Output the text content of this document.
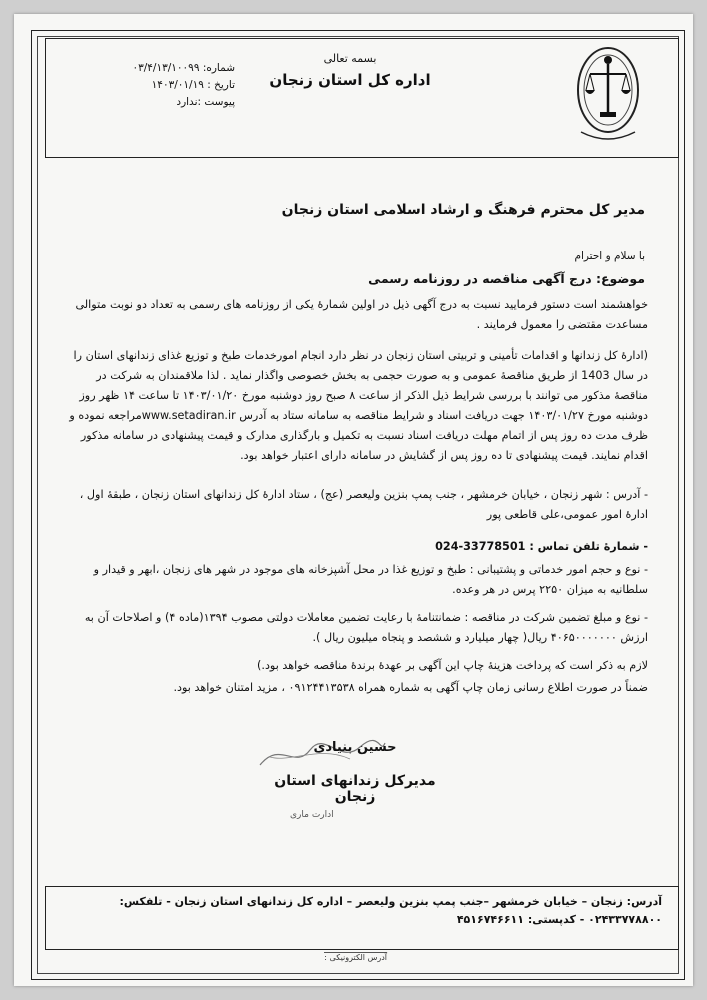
بسمه تعالی
اداره کل استان زنجان
شماره: ۰۳/۴/۱۳/۱۰۰۹۹
تاریخ : ۱۴۰۳/۰۱/۱۹
پیوست :ندارد
مدیر کل محترم فرهنگ و ارشاد اسلامی استان زنجان
با سلام و احترام
موضوع: درج آگهی مناقصه در روزنامه رسمی
خواهشمند است دستور فرمایید نسبت به درج آگهی ذیل در اولین شمارهٔ یکی از روزنامه های رسمی به تعداد دو نوبت متوالی مساعدت مقتضی را معمول فرمایند .
(ادارهٔ کل زندانها و اقدامات تأمینی و تربیتی استان زنجان در نظر دارد انجام امورخدمات طبخ و توزیع غذای زندانهای استان را در سال 1403 از طریق مناقصهٔ عمومی و به صورت حجمی به بخش خصوصی واگذار نماید . لذا ملاقمندان به شرکت در مناقصهٔ مذکور می توانند با بررسی شرایط ذیل الذکر از ساعت ۸ صبح روز دوشنبه مورخ ۱۴۰۳/۰۱/۲۰ تا ساعت ۱۴ ظهر روز دوشنبه مورخ ۱۴۰۳/۰۱/۲۷ جهت دریافت اسناد و شرایط مناقصه به سامانه ستاد به آدرس www.setadiran.irمراجعه نموده و ظرف مدت ده روز پس از اتمام مهلت دریافت اسناد نسبت به تکمیل و بارگذاری مدارک و قیمت پیشنهادی در سامانه مذکور اقدام نمایند. قیمت پیشنهادی تا ده روز پس از گشایش در سامانه دارای اعتبار خواهد بود.
- آدرس : شهر زنجان ، خیابان خرمشهر ، جنب پمپ بنزین ولیعصر (عج) ، ستاد ادارهٔ کل زندانهای استان زنجان ، طبقهٔ اول ، ادارهٔ امور عمومی،علی قاطعی پور
- شمارهٔ تلفن تماس : 33778501-024
- نوع و حجم امور خدماتی و پشتیبانی : طبخ و توزیع غذا در محل آشپزخانه های موجود در شهر های زنجان ،ابهر و قیدار و سلطانیه به میزان ۲۲۵۰ پرس در هر وعده.
- نوع و مبلغ تضمین شرکت در مناقصه : ضمانتنامهٔ با رعایت تضمین معاملات دولتی مصوب ۱۳۹۴(ماده ۴) و اصلاحات آن به ارزش ۴۰۶۵۰۰۰۰۰۰۰ ریال( چهار میلیارد و ششصد و پنجاه میلیون ریال ).
لازم به ذکر است که پرداخت هزینهٔ چاپ این آگهی بر عهدهٔ برندهٔ مناقصه خواهد بود.)
ضمناً در صورت اطلاع رسانی زمان چاپ آگهی به شماره همراه ۰۹۱۲۴۴۱۳۵۳۸ ، مزید امتنان خواهد بود.
حسین بنیادی
مدیرکل زندانهای استان زنجان
ادارت ماری
آدرس: زنجان – خیابان خرمشهر –جنب پمپ بنزین ولیعصر – اداره کل زندانهای استان زنجان - تلفکس: ۰۲۴۳۳۷۷۸۸۰۰ - کدپستی: ۴۵۱۶۷۴۶۶۱۱
آدرس الکترونیکی :
